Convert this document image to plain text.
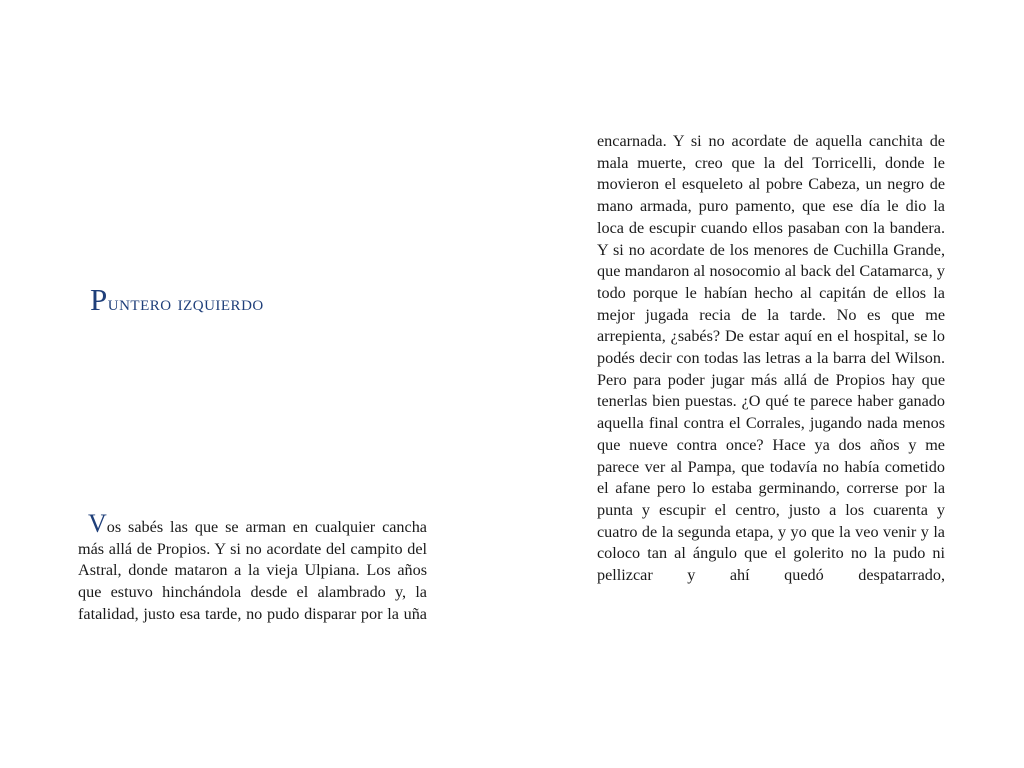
Puntero izquierdo

Vos sabés las que se arman en cualquier cancha más allá de Propios. Y si no acordate del campito del Astral, donde mataron a la vieja Ulpiana. Los años que estuvo hinchándola desde el alambrado y, la fatalidad, justo esa tarde, no pudo disparar por la uña

encarnada. Y si no acordate de aquella canchita de mala muerte, creo que la del Torricelli, donde le movieron el esqueleto al pobre Cabeza, un negro de mano armada, puro pamento, que ese día le dio la loca de escupir cuando ellos pasaban con la bandera. Y si no acordate de los menores de Cuchilla Grande, que mandaron al nosocomio al back del Catamarca, y todo porque le habían hecho al capitán de ellos la mejor jugada recia de la tarde. No es que me arrepienta, ¿sabés? De estar aquí en el hospital, se lo podés decir con todas las letras a la barra del Wilson. Pero para poder jugar más allá de Propios hay que tenerlas bien puestas. ¿O qué te parece haber ganado aquella final contra el Corrales, jugando nada menos que nueve contra once? Hace ya dos años y me parece ver al Pampa, que todavía no había cometido el afane pero lo estaba germinando, correrse por la punta y escupir el centro, justo a los cuarenta y cuatro de la segunda etapa, y yo que la veo venir y la coloco tan al ángulo que el golerito no la pudo ni pellizcar y ahí quedó despatarrado,
